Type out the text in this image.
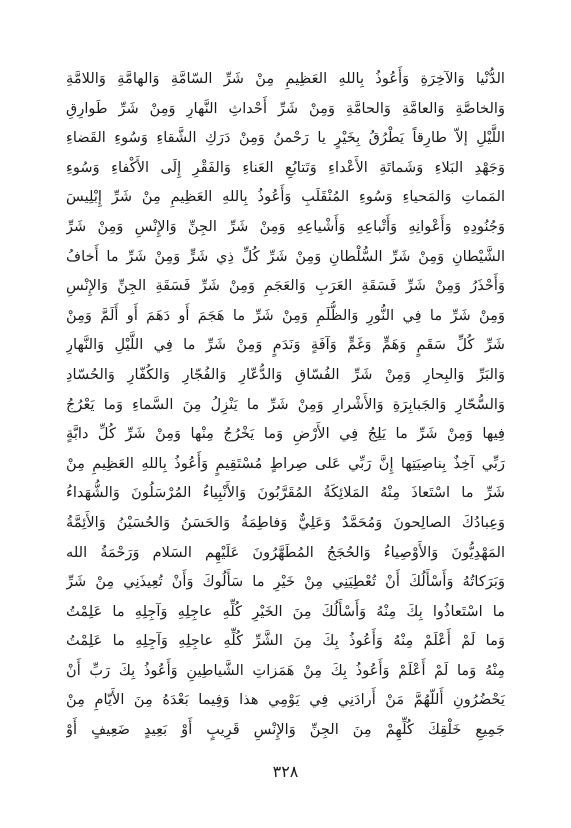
الدُّنْيا وَالآخِرَةِ وَأَعُوذُ بِاللهِ العَظِيمِ مِنْ شَرِّ السّامَّةِ وَالهامَّةِ وَاللامَّةِ
وَالخاصَّةِ وَالعامَّةِ وَالحامَّةِ وَمِنْ شَرِّ أَحْداثِ النَّهارِ وَمِنْ شَرِّ طَوارِقِ
اللَّيْلِ إلاّ طارِقاً يَطْرُقُ بِخَيْرٍ يا رَحْمنُ وَمِنْ دَرَكِ الشَّقاءِ وَسُوءِ القَضاءِ
وَجَهْدِ البَلاءِ وَشَماتَةِ الأَعْداءِ وَتَتابُعِ العَناءِ وَالفَقْرِ إِلَى الأَكْفاءِ وَسُوءِ
المَماتِ وَالمَحياءِ وَسُوءِ المُنْقَلَبِ وَأَعُوذُ بِاللهِ العَظِيمِ مِنْ شَرِّ إِبْلِيسَ
وَجُنُودِهِ وَأَعْوانِهِ وَأَتْباعِهِ وَأَشْياعِهِ وَمِنْ شَرِّ الجِنِّ وَالإِنْسِ وَمِنْ شَرِّ
الشَّيْطانِ وَمِنْ شَرِّ السُّلْطانِ وَمِنْ شَرِّ كُلِّ ذِي شَرٍّ وَمِنْ شَرِّ ما أَخافُ
وَأَحْذَرُ وَمِنْ شَرِّ فَسَقَةِ العَرَبِ وَالعَجَمِ وَمِنْ شَرِّ فَسَقَةِ الجِنِّ وَالإِنْسِ
وَمِنْ شَرِّ ما فِي النُّورِ وَالظُّلَمِ وَمِنْ شَرِّ ما هَجَمَ أَو دَهَمَ أَو أَلَمَّ وَمِنْ
شَرِّ كُلِّ سَقَمٍ وَهَمٍّ وَغَمٍّ وَآفَةٍ وَنَدَمٍ وَمِنْ شَرِّ ما فِي اللَّيْلِ وَالنَّهارِ
وَالبَرِّ وَالبِحارِ وَمِنْ شَرِّ الفُسّاقِ وَالدُّعّارِ وَالفُجّارِ وَالكُفّارِ وَالحُسّادِ
وَالسُّحّارِ وَالجَبابِرَةِ وَالأَشْرارِ وَمِنْ شَرِّ ما يَنْزِلُ مِنَ السَّماءِ وَما يَعْرُجُ
فِيها وَمِنْ شَرِّ ما يَلِجُ فِي الأَرْضِ وَما يَخْرُجُ مِنْها وَمِنْ شَرِّ كُلِّ دابَّةٍ
رَبِّي آخِذٌ بِناصِيَتِها إِنَّ رَبِّي عَلى صِراطٍ مُسْتَقِيمٍ وَأَعُوذُ بِاللهِ العَظِيمِ مِنْ
شَرِّ ما اسْتَعاذَ مِنْهُ المَلائِكَةُ المُقَرَّبُونَ وَالأَنْبِياءُ المُرْسَلُونَ وَالشُّهَداءُ
وَعِبادُكَ الصالِحونَ وَمُحَمَّدٌ وَعَلِيٌّ وَفاطِمَةُ وَالحَسَنُ وَالحُسَيْنُ وَالأَئِمَّةُ
المَهْدِيُّونَ وَالأَوْصِياءُ وَالحُجَجُ المُطَهَّرُونَ عَلَيْهِم السَلام وَرَحْمَةُ الله
وَبَرَكاتُهُ وَأَسْأَلُكَ أَنْ تُعْطِيَنِي مِنْ خَيْرِ ما سَأَلُوكَ وَأَنْ تُعِيذَنِي مِنْ شَرِّ
ما اسْتَعاذُوا بِكَ مِنْهُ وَأَسْأَلُكَ مِنَ الخَيْرِ كُلِّهِ عاجِلِهِ وَآجِلِهِ ما عَلِمْتُ
وَما لَمْ أَعْلَمْ مِنْهُ وَأَعُوذُ بِكَ مِنَ الشَّرِّ كُلِّهِ عاجِلِهِ وَآجِلِهِ ما عَلِمْتُ
مِنْهُ وَما لَمْ أَعْلَمْ وَأَعُوذُ بِكَ مِنْ هَمَزاتِ الشَّياطِينِ وَأَعُوذُ بِكَ رَبِّ أَنْ
يَحْضُرُونِ أَللّهُمَّ مَنْ أَرادَنِي فِي يَوْمِي هذا وَفِيما بَعْدَهُ مِنَ الأَيّامِ مِنْ
جَمِيعِ خَلْقِكَ كُلِّهِمْ مِنَ الجِنِّ وَالإِنْسِ قَرِيبٍ أَوْ بَعِيدٍ ضَعِيفٍ أَوْ
٣٢٨
